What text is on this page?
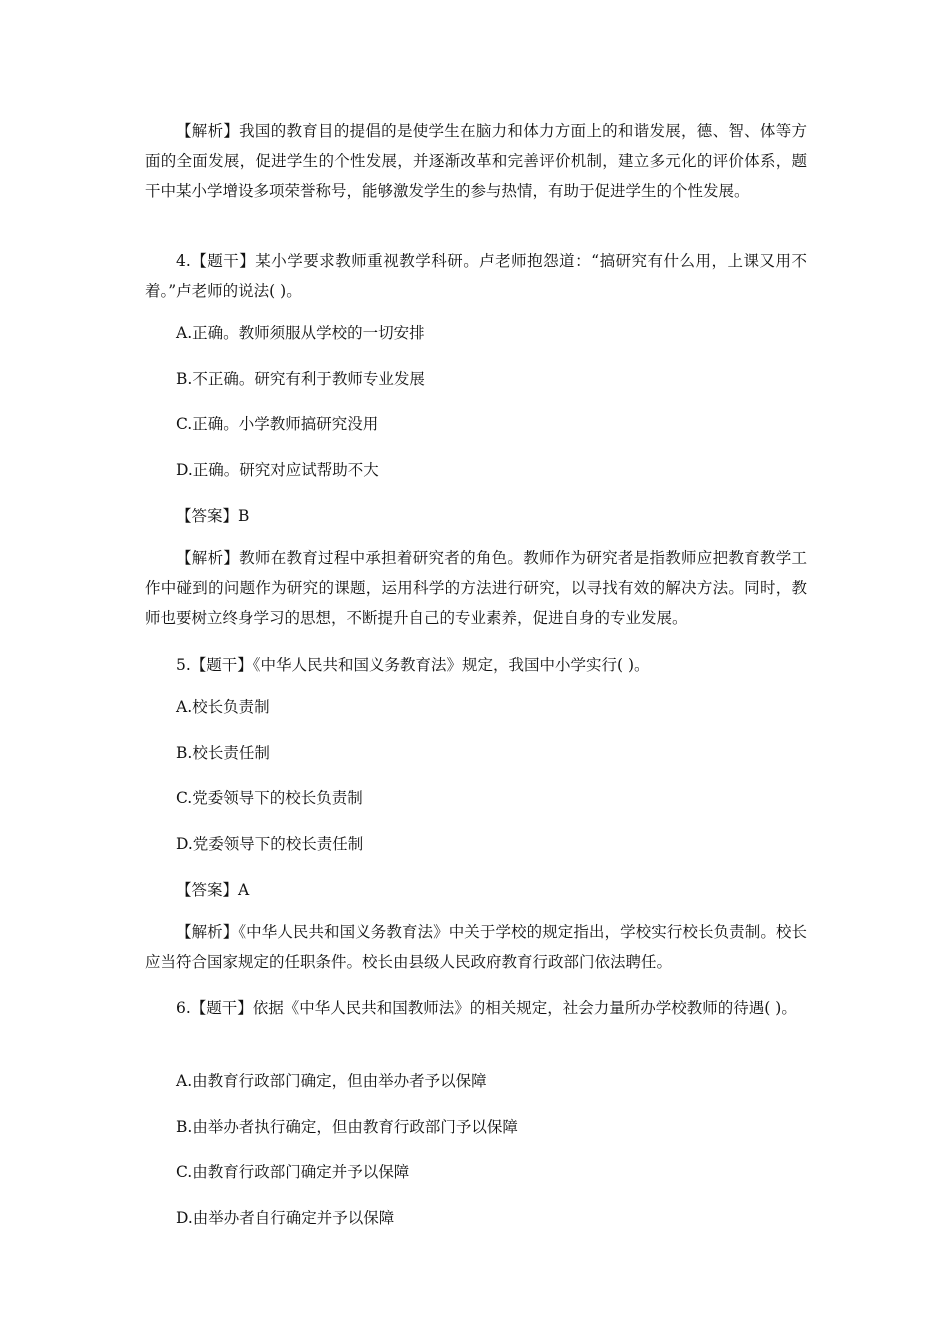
【解析】我国的教育目的提倡的是使学生在脑力和体力方面上的和谐发展，德、智、体等方面的全面发展，促进学生的个性发展，并逐渐改革和完善评价机制，建立多元化的评价体系，题干中某小学增设多项荣誉称号，能够激发学生的参与热情，有助于促进学生的个性发展。

4.【题干】某小学要求教师重视教学科研。卢老师抱怨道：“搞研究有什么用，上课又用不着。”卢老师的说法( )。

A.正确。教师须服从学校的一切安排

B.不正确。研究有利于教师专业发展

C.正确。小学教师搞研究没用

D.正确。研究对应试帮助不大

【答案】B

【解析】教师在教育过程中承担着研究者的角色。教师作为研究者是指教师应把教育教学工作中碰到的问题作为研究的课题，运用科学的方法进行研究，以寻找有效的解决方法。同时，教师也要树立终身学习的思想，不断提升自己的专业素养，促进自身的专业发展。

5.【题干】《中华人民共和国义务教育法》规定，我国中小学实行( )。

A.校长负责制

B.校长责任制

C.党委领导下的校长负责制

D.党委领导下的校长责任制

【答案】A

【解析】《中华人民共和国义务教育法》中关于学校的规定指出，学校实行校长负责制。校长应当符合国家规定的任职条件。校长由县级人民政府教育行政部门依法聘任。

6.【题干】依据《中华人民共和国教师法》的相关规定，社会力量所办学校教师的待遇( )。

A.由教育行政部门确定，但由举办者予以保障

B.由举办者执行确定，但由教育行政部门予以保障

C.由教育行政部门确定并予以保障

D.由举办者自行确定并予以保障
